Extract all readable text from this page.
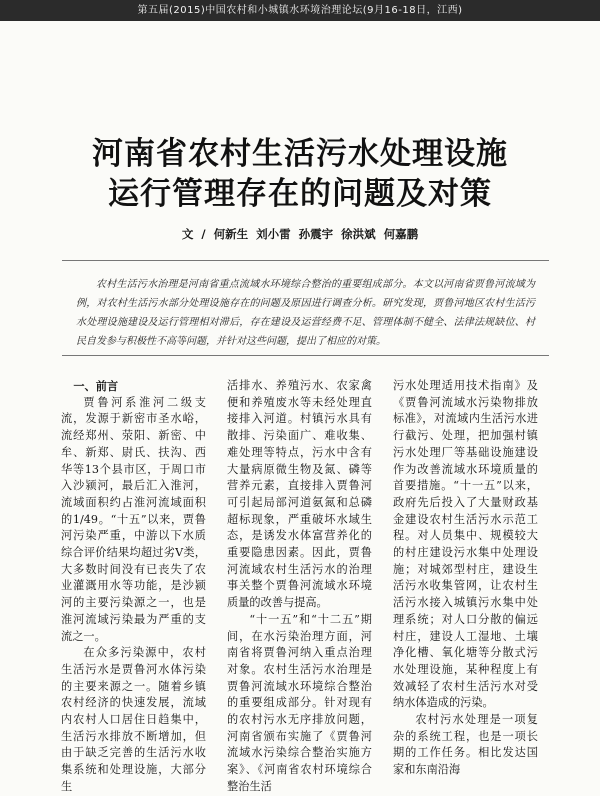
第五届(2015)中国农村和小城镇水环境治理论坛(9月16-18日，江西)
河南省农村生活污水处理设施
运行管理存在的问题及对策
文 / 何新生 刘小雷 孙震宇 徐洪斌 何嘉鹏

农村生活污水治理是河南省重点流域水环境综合整治的重要组成部分。本文以河南省贾鲁河流域为例，对农村生活污水部分处理设施存在的问题及原因进行调查分析。研究发现，贾鲁河地区农村生活污水处理设施建设及运行管理相对滞后，存在建设及运营经费不足、管理体制不健全、法律法规缺位、村民自发参与积极性不高等问题，并针对这些问题，提出了相应的对策。

一、前言

贾鲁河系淮河二级支流，发源于新密市圣水峪，流经郑州、荥阳、新密、中牟、新郑、尉氏、扶沟、西华等13个县市区，于周口市入沙颍河，最后汇入淮河，流域面积约占淮河流域面积的1/49。“十五”以来，贾鲁河污染严重，中游以下水质综合评价结果均超过劣Ⅴ类，大多数时间没有已丧失了农业灌溉用水等功能，是沙颍河的主要污染源之一，也是淮河流域污染最为严重的支流之一。

在众多污染源中，农村生活污水是贾鲁河水体污染的主要来源之一。随着乡镇农村经济的快速发展，流域内农村人口居住日趋集中，生活污水排放不断增加，但由于缺乏完善的生活污水收集系统和处理设施，大部分生

活排水、养殖污水、农家禽便和养殖废水等未经处理直接排入河道。村镇污水具有散排、污染面广、难收集、难处理等特点，污水中含有大量病原微生物及氮、磷等营养元素，直接排入贾鲁河可引起局部河道氨氮和总磷超标现象，严重破坏水域生态，是诱发水体富营养化的重要隐患因素。因此，贾鲁河流域农村生活污水的治理事关整个贾鲁河流域水环境质量的改善与提高。

“十一五”和“十二五”期间，在水污染治理方面，河南省将贾鲁河纳入重点治理对象。农村生活污水治理是贾鲁河流域水环境综合整治的重要组成部分。针对现有的农村污水无序排放问题，河南省颁布实施了《贾鲁河流域水污染综合整治实施方案》、《河南省农村环境综合整治生活

污水处理适用技术指南》及《贾鲁河流域水污染物排放标准》，对流域内生活污水进行截污、处理，把加强村镇污水处理厂等基础设施建设作为改善流域水环境质量的首要措施。“十一五”以来，政府先后投入了大量财政基金建设农村生活污水示范工程。对人员集中、规模较大的村庄建设污水集中处理设施；对城郊型村庄，建设生活污水收集管网，让农村生活污水接入城镇污水集中处理系统；对人口分散的偏远村庄，建设人工湿地、土壤净化槽、氧化塘等分散式污水处理设施，某种程度上有效减轻了农村生活污水对受纳水体造成的污染。

农村污水处理是一项复杂的系统工程，也是一项长期的工作任务。相比发达国家和东南沿海
